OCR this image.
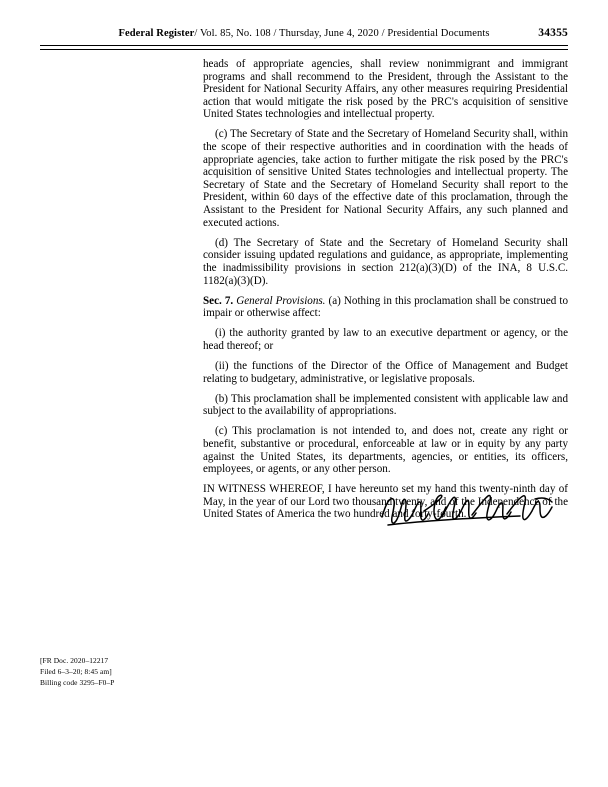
Federal Register/ Vol. 85, No. 108 / Thursday, June 4, 2020 / Presidential Documents	34355

heads of appropriate agencies, shall review nonimmigrant and immigrant programs and shall recommend to the President, through the Assistant to the President for National Security Affairs, any other measures requiring Presidential action that would mitigate the risk posed by the PRC's acquisition of sensitive United States technologies and intellectual property.

(c) The Secretary of State and the Secretary of Homeland Security shall, within the scope of their respective authorities and in coordination with the heads of appropriate agencies, take action to further mitigate the risk posed by the PRC's acquisition of sensitive United States technologies and intellectual property. The Secretary of State and the Secretary of Homeland Security shall report to the President, within 60 days of the effective date of this proclamation, through the Assistant to the President for National Security Affairs, any such planned and executed actions.

(d) The Secretary of State and the Secretary of Homeland Security shall consider issuing updated regulations and guidance, as appropriate, implementing the inadmissibility provisions in section 212(a)(3)(D) of the INA, 8 U.S.C. 1182(a)(3)(D).

Sec. 7. General Provisions. (a) Nothing in this proclamation shall be construed to impair or otherwise affect:

(i) the authority granted by law to an executive department or agency, or the head thereof; or

(ii) the functions of the Director of the Office of Management and Budget relating to budgetary, administrative, or legislative proposals.

(b) This proclamation shall be implemented consistent with applicable law and subject to the availability of appropriations.

(c) This proclamation is not intended to, and does not, create any right or benefit, substantive or procedural, enforceable at law or in equity by any party against the United States, its departments, agencies, or entities, its officers, employees, or agents, or any other person.

IN WITNESS WHEREOF, I have hereunto set my hand this twenty-ninth day of May, in the year of our Lord two thousand twenty, and of the Independence of the United States of America the two hundred and forty-fourth.

[FR Doc. 2020–12217
Filed 6–3–20; 8:45 am]
Billing code 3295–F0–P
